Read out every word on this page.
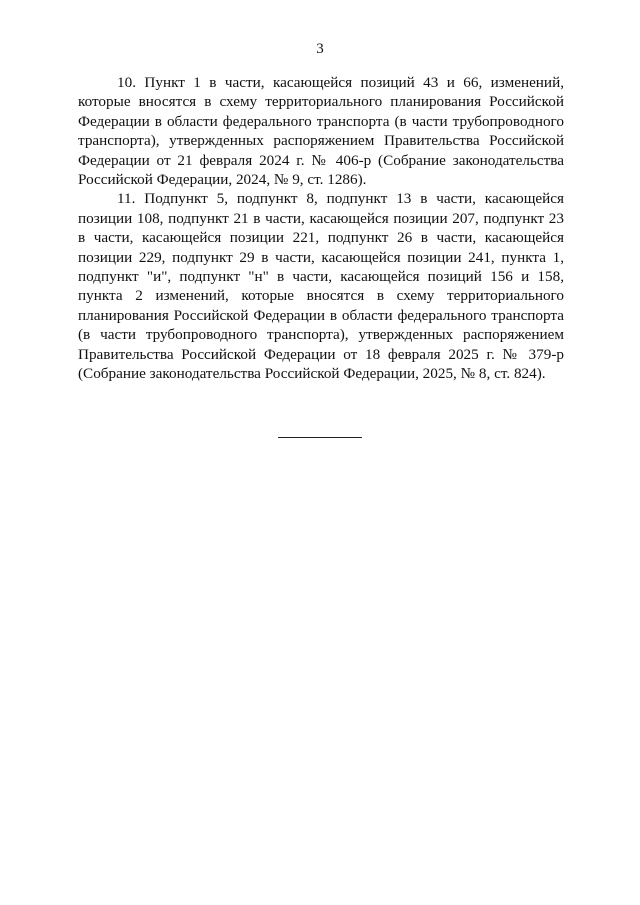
3

10. Пункт 1 в части, касающейся позиций 43 и 66, изменений, которые вносятся в схему территориального планирования Российской Федерации в области федерального транспорта (в части трубопроводного транспорта), утвержденных распоряжением Правительства Российской Федерации от 21 февраля 2024 г. № 406-р (Собрание законодательства Российской Федерации, 2024, № 9, ст. 1286).

11. Подпункт 5, подпункт 8, подпункт 13 в части, касающейся позиции 108, подпункт 21 в части, касающейся позиции 207, подпункт 23 в части, касающейся позиции 221, подпункт 26 в части, касающейся позиции 229, подпункт 29 в части, касающейся позиции 241, пункта 1, подпункт "и", подпункт "н" в части, касающейся позиций 156 и 158, пункта 2 изменений, которые вносятся в схему территориального планирования Российской Федерации в области федерального транспорта (в части трубопроводного транспорта), утвержденных распоряжением Правительства Российской Федерации от 18 февраля 2025 г. № 379-р (Собрание законодательства Российской Федерации, 2025, № 8, ст. 824).
